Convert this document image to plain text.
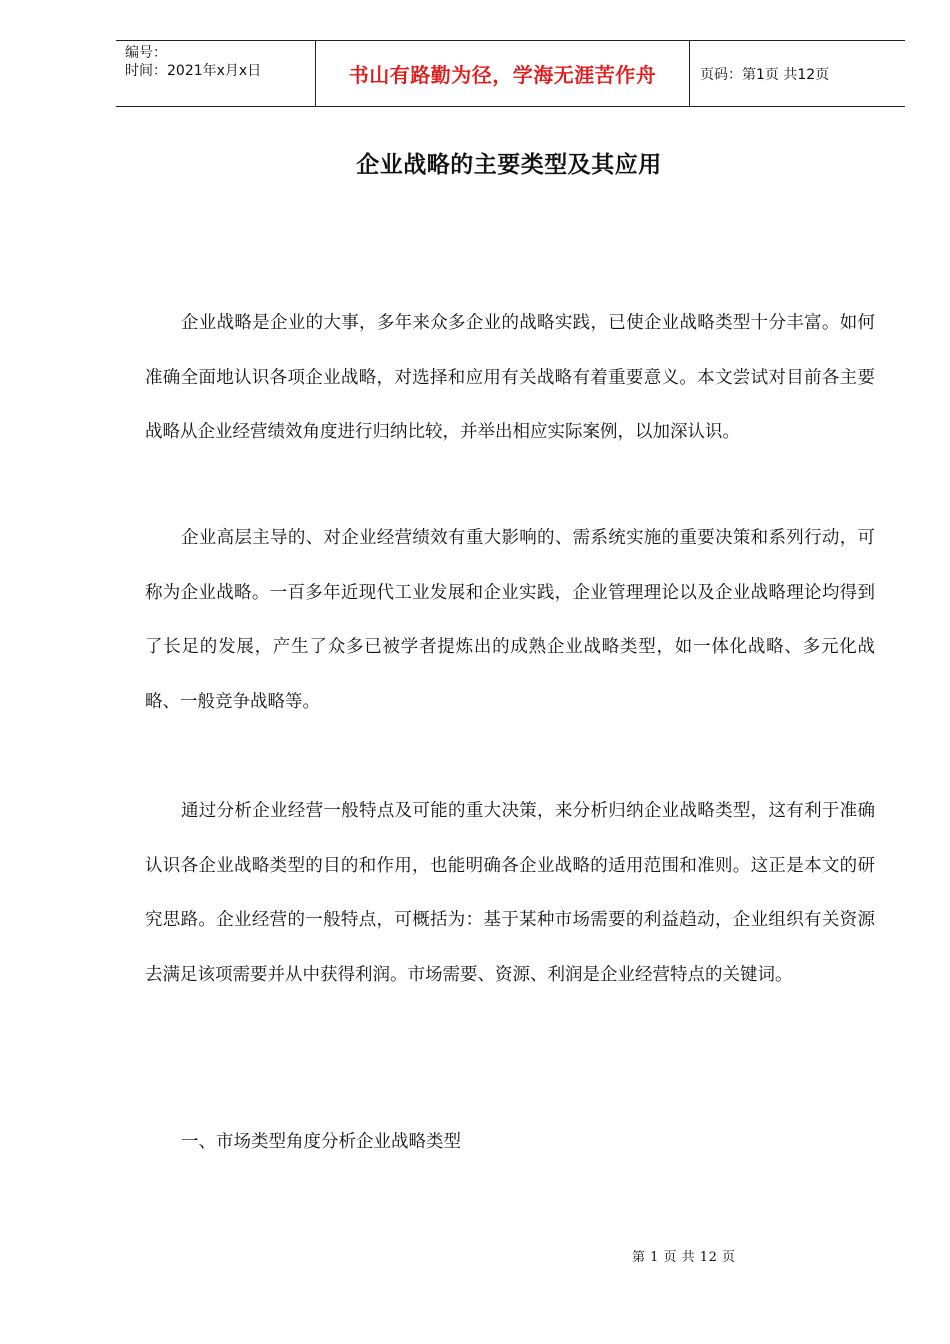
编号：
时间：2021年x月x日	书山有路勤为径，学海无涯苦作舟	页码：第1页 共12页
企业战略的主要类型及其应用

企业战略是企业的大事，多年来众多企业的战略实践，已使企业战略类型十分丰富。如何准确全面地认识各项企业战略，对选择和应用有关战略有着重要意义。本文尝试对目前各主要战略从企业经营绩效角度进行归纳比较，并举出相应实际案例，以加深认识。

企业高层主导的、对企业经营绩效有重大影响的、需系统实施的重要决策和系列行动，可称为企业战略。一百多年近现代工业发展和企业实践，企业管理理论以及企业战略理论均得到了长足的发展，产生了众多已被学者提炼出的成熟企业战略类型，如一体化战略、多元化战略、一般竞争战略等。

通过分析企业经营一般特点及可能的重大决策，来分析归纳企业战略类型，这有利于准确认识各企业战略类型的目的和作用，也能明确各企业战略的适用范围和准则。这正是本文的研究思路。企业经营的一般特点，可概括为：基于某种市场需要的利益趋动，企业组织有关资源去满足该项需要并从中获得利润。市场需要、资源、利润是企业经营特点的关键词。

一、市场类型角度分析企业战略类型

第 1 页 共 12 页
